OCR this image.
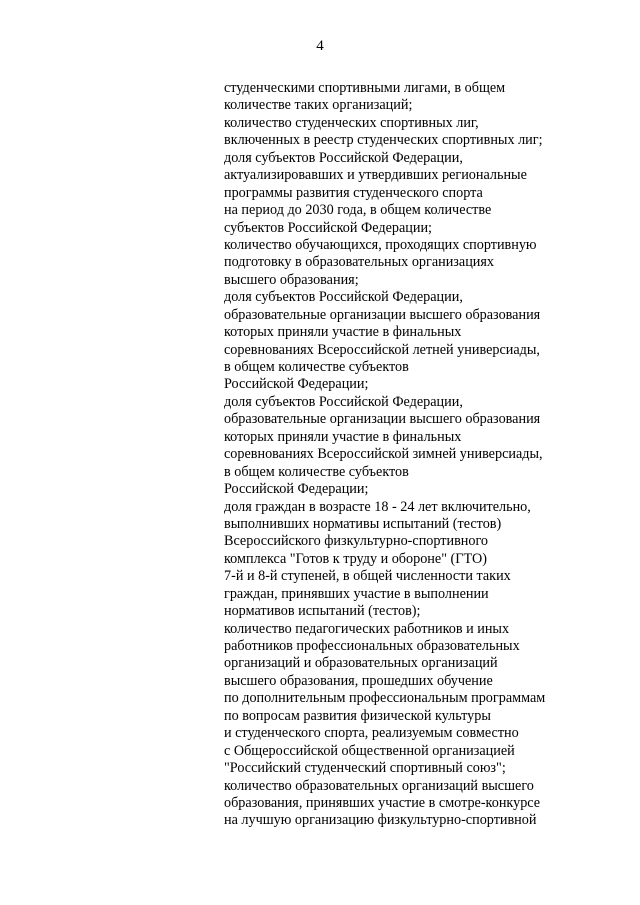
4
студенческими спортивными лигами, в общем
количестве таких организаций;
количество студенческих спортивных лиг,
включенных в реестр студенческих спортивных лиг;
доля субъектов Российской Федерации,
актуализировавших и утвердивших региональные
программы развития студенческого спорта
на период до 2030 года, в общем количестве
субъектов Российской Федерации;
количество обучающихся, проходящих спортивную
подготовку в образовательных организациях
высшего образования;
доля субъектов Российской Федерации,
образовательные организации высшего образования
которых приняли участие в финальных
соревнованиях Всероссийской летней универсиады,
в общем количестве субъектов
Российской Федерации;
доля субъектов Российской Федерации,
образовательные организации высшего образования
которых приняли участие в финальных
соревнованиях Всероссийской зимней универсиады,
в общем количестве субъектов
Российской Федерации;
доля граждан в возрасте 18 - 24 лет включительно,
выполнивших нормативы испытаний (тестов)
Всероссийского физкультурно-спортивного
комплекса "Готов к труду и обороне" (ГТО)
7-й и 8-й ступеней, в общей численности таких
граждан, принявших участие в выполнении
нормативов испытаний (тестов);
количество педагогических работников и иных
работников профессиональных образовательных
организаций и образовательных организаций
высшего образования, прошедших обучение
по дополнительным профессиональным программам
по вопросам развития физической культуры
и студенческого спорта, реализуемым совместно
с Общероссийской общественной организацией
"Российский студенческий спортивный союз";
количество образовательных организаций высшего
образования, принявших участие в смотре-конкурсе
на лучшую организацию физкультурно-спортивной
